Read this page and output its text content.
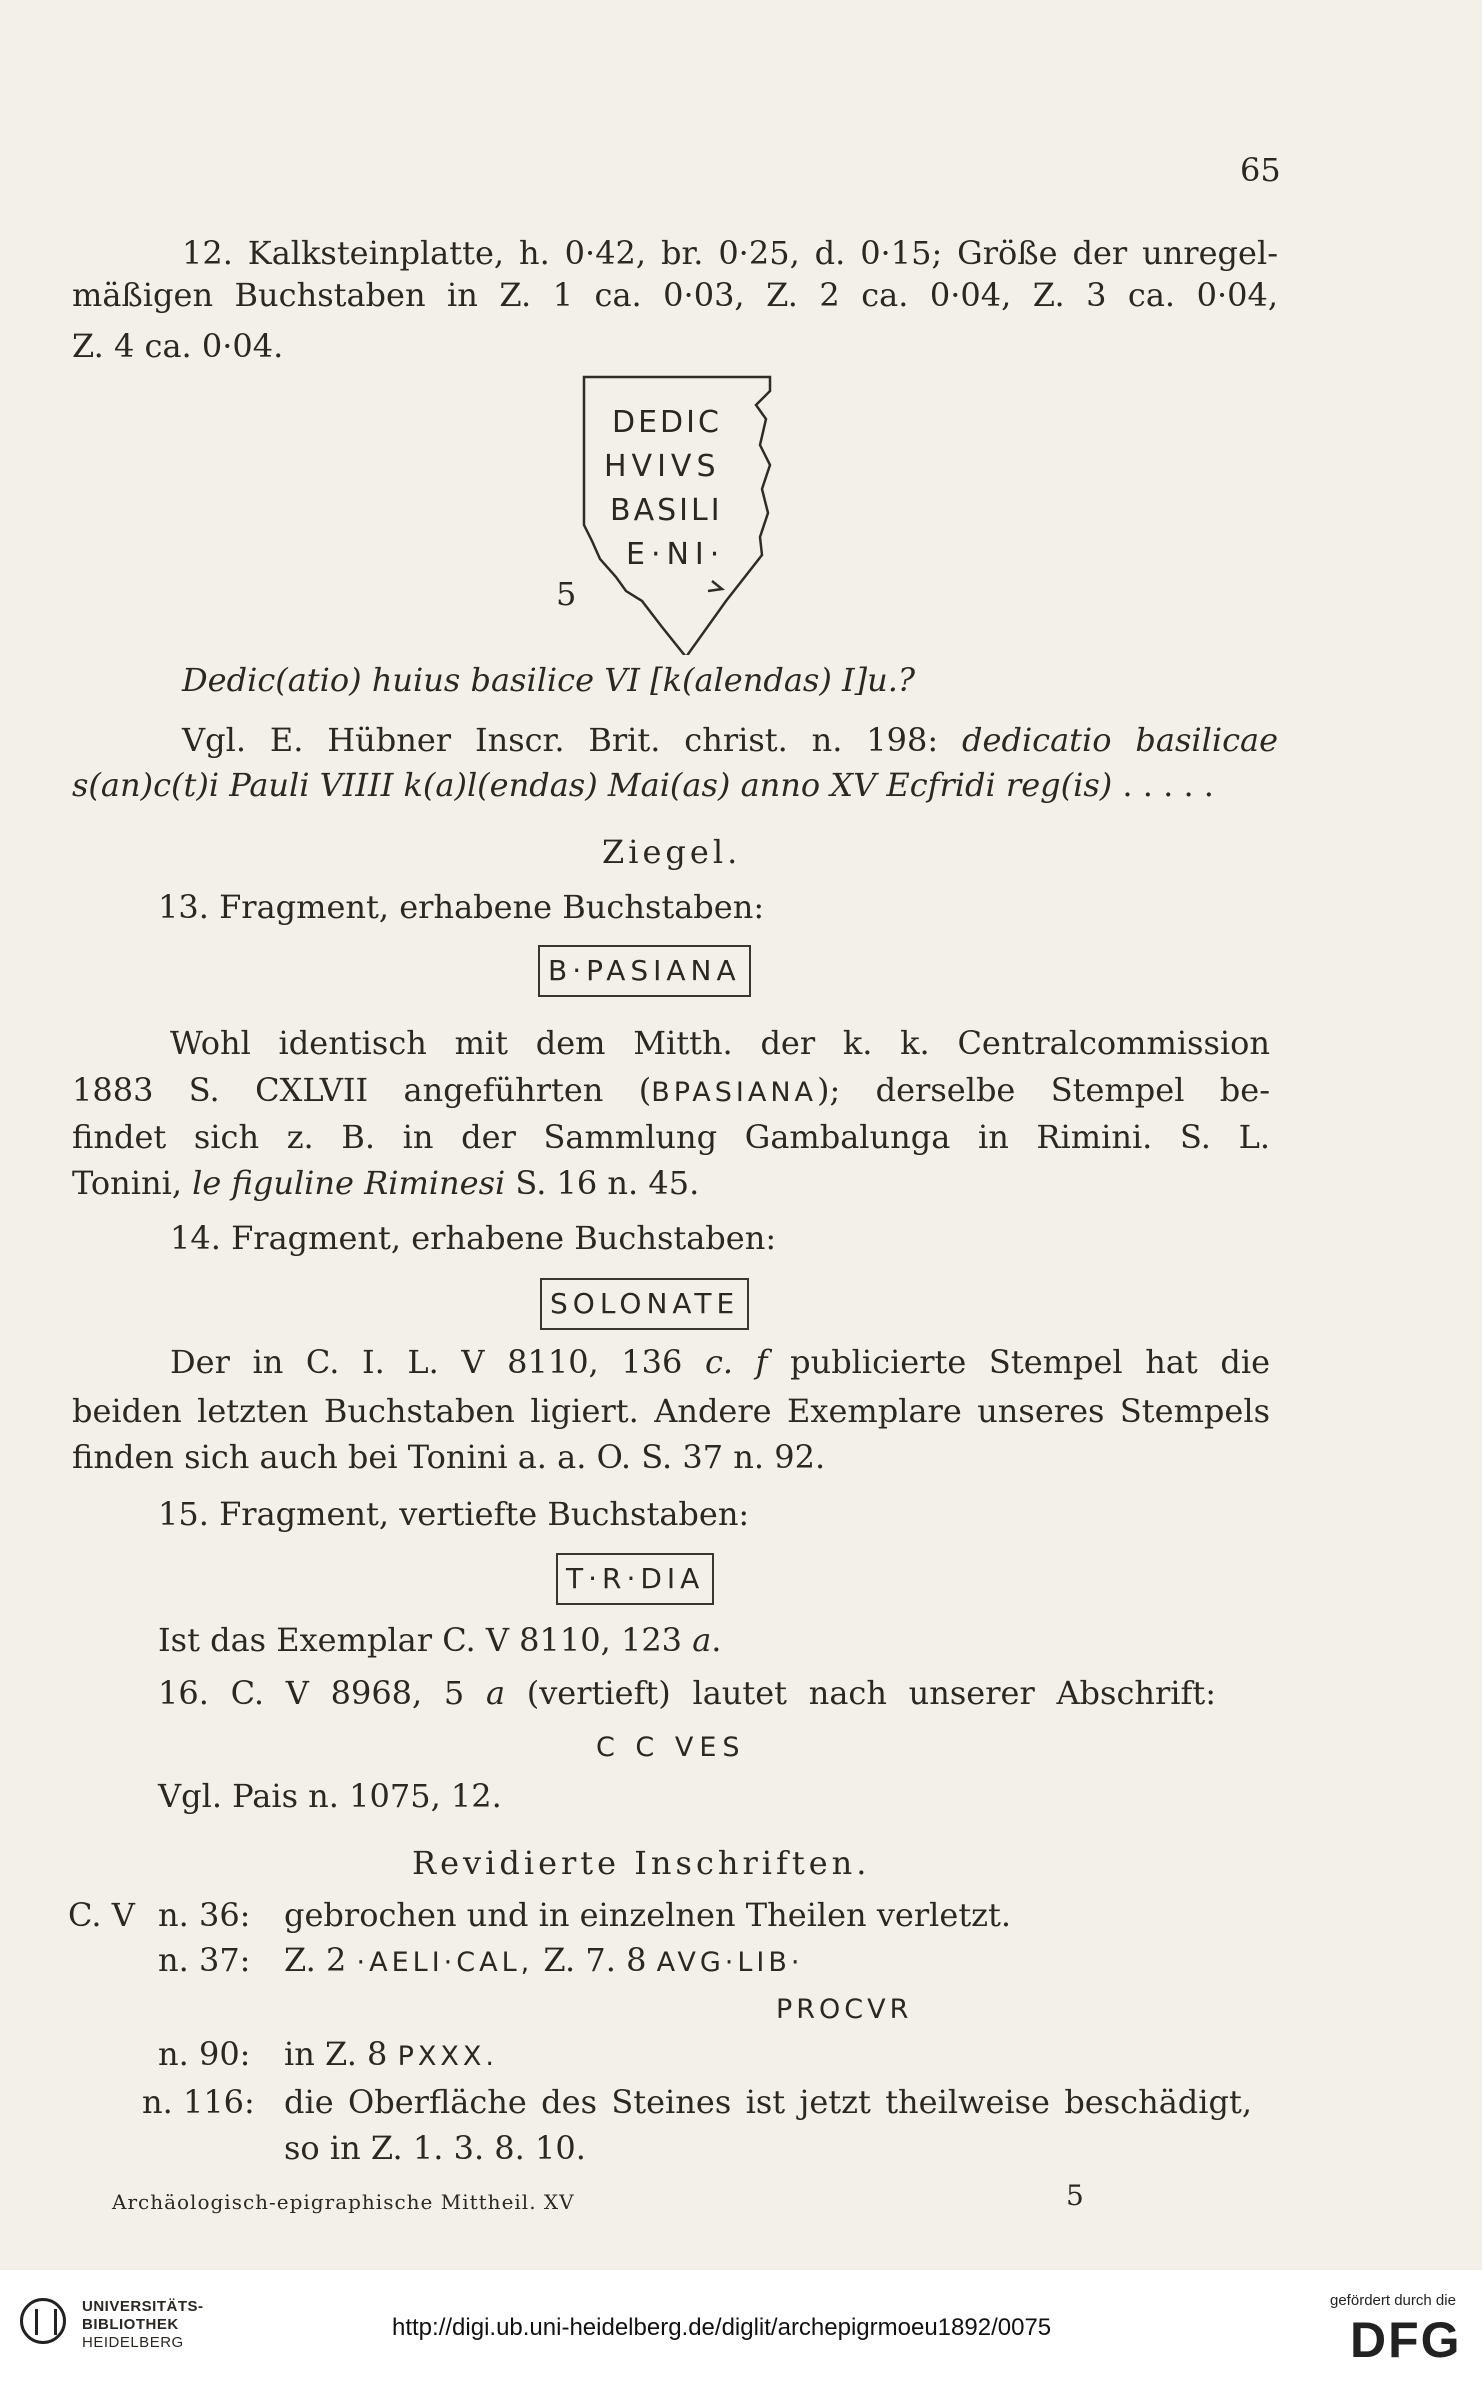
65
12. Kalksteinplatte, h. 0·42, br. 0·25, d. 0·15; Größe der unregel-
mäßigen Buchstaben in Z. 1 ca. 0·03, Z. 2 ca. 0·04, Z. 3 ca. 0·04,
Z. 4 ca. 0·04.
DEDIC
HVIVS
BASILI
E·NI·
5
Dedic(atio) huius basilice VI [k(alendas) I]u.?
Vgl. E. Hübner Inscr. Brit. christ. n. 198: dedicatio basilicae
s(an)c(t)i Pauli VIIII k(a)l(endas) Mai(as) anno XV Ecfridi reg(is) . . . . .
Ziegel.
13. Fragment, erhabene Buchstaben:
B·PASIANA
Wohl identisch mit dem Mitth. der k. k. Centralcommission
1883 S. CXLVII angeführten (BPASIANA); derselbe Stempel be-
findet sich z. B. in der Sammlung Gambalunga in Rimini. S. L.
Tonini, le figuline Riminesi S. 16 n. 45.
14. Fragment, erhabene Buchstaben:
SOLONATE
Der in C. I. L. V 8110, 136 c. f publicierte Stempel hat die
beiden letzten Buchstaben ligiert. Andere Exemplare unseres Stempels
finden sich auch bei Tonini a. a. O. S. 37 n. 92.
15. Fragment, vertiefte Buchstaben:
T·R·DIA
Ist das Exemplar C. V 8110, 123 a.
16. C. V 8968, 5 a (vertieft) lautet nach unserer Abschrift:
C C VES
Vgl. Pais n. 1075, 12.
Revidierte Inschriften.
C. V n. 36: gebrochen und in einzelnen Theilen verletzt.
n. 37: Z. 2 ·AELI·CAL, Z. 7. 8 AVG·LIB·
PROCVR
n. 90: in Z. 8 PXXX.
n. 116: die Oberfläche des Steines ist jetzt theilweise beschädigt,
so in Z. 1. 3. 8. 10.
Archäologisch-epigraphische Mittheil. XV	5
UNIVERSITÄTS-
BIBLIOTHEK
HEIDELBERG
http://digi.ub.uni-heidelberg.de/diglit/archepigrmoeu1892/0075
gefördert durch die
DFG
